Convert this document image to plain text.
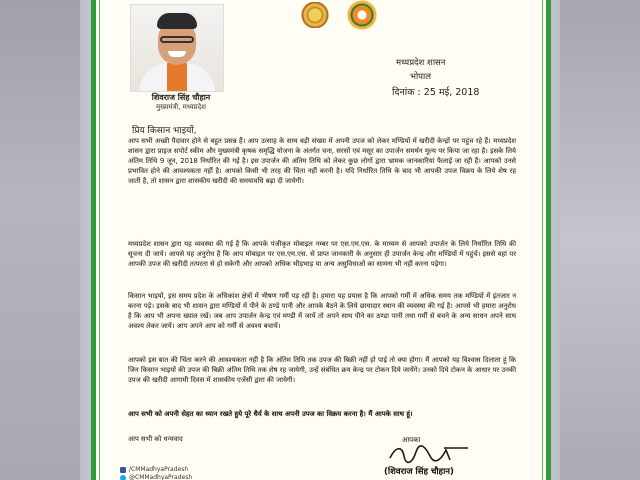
शिवराज सिंह चौहान
मुख्यमंत्री, मध्यप्रदेश
मध्यप्रदेश शासन
भोपाल
दिनांक : 25 मई, 2018
प्रिय किसान भाइयों,

आप सभी अच्छी पैदावार होने से बहुत प्रसन्न हैं। आप उत्साह के साथ बड़ी संख्या में अपनी उपज को लेकर मण्डियों में खरीदी केन्द्रों पर पहुंच रहे हैं। मध्यप्रदेश शासन द्वारा प्राइज सपोर्ट स्कीम और मुख्यमंत्री कृषक समृद्धि योजना के अंतर्गत चना, सरसों एवं मसूर का उपार्जन समर्थन मूल्य पर किया जा रहा है। इसके लिये अंतिम तिथि 9 जून, 2018 निर्धारित की गई है। इस उपार्जन की अंतिम तिथि को लेकर कुछ लोगों द्वारा भ्रामक जानकारियां फैलाई जा रही हैं। आपको उनसे प्रभावित होने की आवश्यकता नहीं है। आपको किसी भी तरह की चिंता नहीं करनी है। यदि निर्धारित तिथि के बाद भी आपकी उपज विक्रय के लिये शेष रह जाती है, तो शासन द्वारा शासकीय खरीदी की समयावधि बढ़ा दी जायेगी।

मध्यप्रदेश शासन द्वारा यह व्यवस्था की गई है कि आपके पंजीकृत मोबाइल नम्बर पर एस.एम.एस. के माध्यम से आपको उपार्जन के लिये निर्धारित तिथि की सूचना दी जाये। आपसे यह अनुरोध है कि आप मोबाइल पर एस.एम.एस. से प्राप्त जानकारी के अनुसार ही उपार्जन केन्द्र और मण्डियों में पहुंचें। इससे वहां पर आपकी उपज की खरीदी तत्परता से हो सकेगी और आपको अधिक भीड़भाड़ या अन्य असुविधाओं का सामना भी नहीं करना पड़ेगा।

किसान भाइयों, इस समय प्रदेश के अधिकांश क्षेत्रों में भीषण गर्मी पड़ रही है। हमारा यह प्रयास है कि आपको गर्मी में अधिक समय तक मण्डियों में इंतजार न करना पड़े। इसके बाद भी शासन द्वारा मण्डियों में पीने के ठण्डे पानी और आपके बैठने के लिये छायादार स्थान की व्यवस्था की गई है। आपसे भी हमारा अनुरोध है कि आप भी अपना ख्याल रखें। जब आप उपार्जन केन्द्र एवं मण्डी में जायें तो अपने साथ पीने का ठण्डा पानी तथा गर्मी से बचने के अन्य साधन अपने साथ अवश्य लेकर जायें। आप अपने आप को गर्मी से अवश्य बचायें।

आपको इस बात की चिंता करने की आवश्यकता नहीं है कि अंतिम तिथि तक उपज की बिक्री नहीं हो पाई तो क्या होगा। मैं आपको यह विश्वास दिलाता हूं कि जिन किसान भाइयों की उपज की बिक्री अंतिम तिथि तक शेष रह जायेगी, उन्हें संबंधित क्रय केन्द्र पर टोकन दिये जायेंगे। उनको दिये टोकन के आधार पर उनकी उपज की खरीदी आगामी दिवस में शासकीय एजेंसी द्वारा की जायेगी।

आप सभी को अपनी सेहत का ध्यान रखते हुये पूरे धैर्य के साथ अपनी उपज का विक्रय करना है। मैं आपके साथ हूं।

आप सभी को धन्यवाद	आपका
(शिवराज सिंह चौहान)
/CMMadhyaPradesh
@CMMadhyaPradesh
